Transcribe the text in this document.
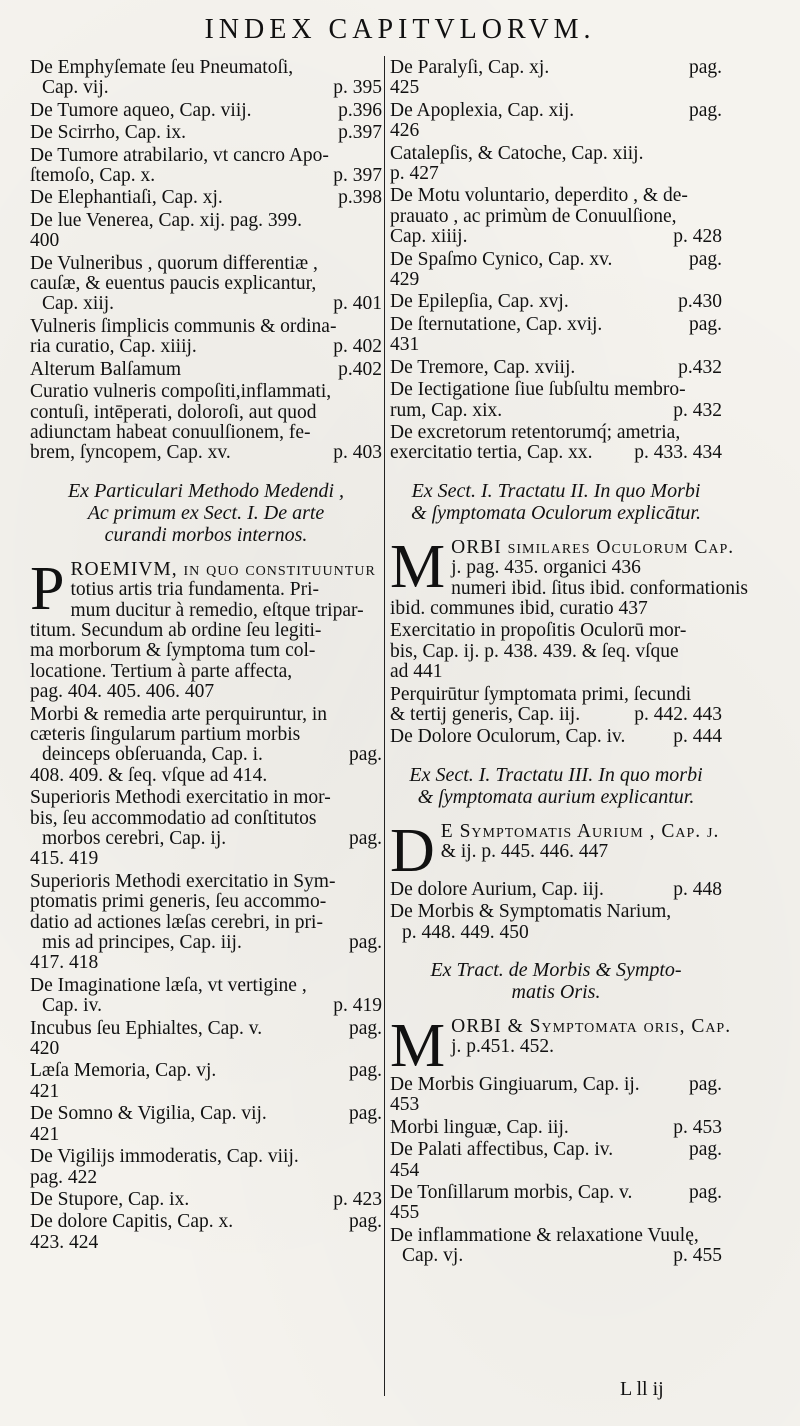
INDEX CAPITVLORVM.
De Emphyſemate ſeu Pneumatoſi,
Cap. vij.	p. 395
De Tumore aqueo, Cap. viij.	p.396
De Scirrho, Cap. ix.	p.397
De Tumore atrabilario, vt cancro Apo-
ſtemoſo, Cap. x.	p. 397
De Elephantiaſi, Cap. xj.	p.398
De lue Venerea, Cap. xij. pag. 399.
400
De Vulneribus , quorum differentiæ ,
cauſæ, & euentus paucis explicantur,
Cap. xiij.	p. 401
Vulneris ſimplicis communis & ordina-
ria curatio, Cap. xiiij.	p. 402
Alterum Balſamum	p.402
Curatio vulneris compoſiti,inflammati,
contuſi, intēperati, doloroſi, aut quod
adiunctam habeat conuulſionem, fe-
brem, ſyncopem, Cap. xv.	p. 403
Ex Particulari Methodo Medendi ,
Ac primum ex Sect. I. De arte
curandi morbos internos.
P ROEMIVM, in quo conſtituuntur
totius artis tria fundamenta. Pri-
mum ducitur à remedio, eſtque tripar-
titum. Secundum ab ordine ſeu legiti-
ma morborum & ſymptoma tum col-
locatione. Tertium à parte affecta,
pag. 404. 405. 406. 407
Morbi & remedia arte perquiruntur, in
cæteris ſingularum partium morbis
deinceps obſeruanda, Cap. i.	pag.
408. 409. & ſeq. vſque ad 414.
Superioris Methodi exercitatio in mor-
bis, ſeu accommodatio ad conſtitutos
morbos cerebri, Cap. ij.	pag.
415. 419
Superioris Methodi exercitatio in Sym-
ptomatis primi generis, ſeu accommo-
datio ad actiones læſas cerebri, in pri-
mis ad principes, Cap. iij.	pag.
417. 418
De Imaginatione læſa, vt vertigine ,
Cap. iv.	p. 419
Incubus ſeu Ephialtes, Cap. v.	pag.
420
Læſa Memoria, Cap. vj.	pag.
421
De Somno & Vigilia, Cap. vij.	pag.
421
De Vigilijs immoderatis, Cap. viij.
pag. 422
De Stupore, Cap. ix.	p. 423
De dolore Capitis, Cap. x.	pag.
423. 424
De Paralyſi, Cap. xj.	pag.
425
De Apoplexia, Cap. xij.	pag.
426
Catalepſis, & Catoche, Cap. xiij.
p. 427
De Motu voluntario, deperdito , & de-
prauato , ac primùm de Conuulſione,
Cap. xiiij.	p. 428
De Spaſmo Cynico, Cap. xv.	pag.
429
De Epilepſia, Cap. xvj.	p.430
De ſternutatione, Cap. xvij.	pag.
431
De Tremore, Cap. xviij.	p.432
De Iectigatione ſiue ſubſultu membro-
rum, Cap. xix.	p. 432
De excretorum retentorumq́; ametria,
exercitatio tertia, Cap. xx. p. 433. 434
Ex Sect. I. Tractatu II. In quo Morbi
& ſymptomata Oculorum explicātur.
M ORBI ſimilares Oculorum Cap.
j. pag. 435. organici 436
numeri ibid. ſitus ibid. conformationis
ibid. communes ibid, curatio 437
Exercitatio in propoſitis Oculorū mor-
bis, Cap. ij. p. 438. 439. & ſeq. vſque
ad 441
Perquirūtur ſymptomata primi, ſecundi
& tertij generis, Cap. iij.	p. 442. 443
De Dolore Oculorum, Cap. iv. p. 444
Ex Sect. I. Tractatu III. In quo morbi
& ſymptomata aurium explicantur.
D E Symptomatis Aurium , Cap. j.
& ij. p. 445. 446. 447
De dolore Aurium, Cap. iij.	p. 448
De Morbis & Symptomatis Narium,
p. 448. 449. 450
Ex Tract. de Morbis & Sympto-
matis Oris.
M ORBI & Symptomata oris, Cap.
j. p.451. 452.
De Morbis Gingiuarum, Cap. ij.	pag.
453
Morbi linguæ, Cap. iij.	p. 453
De Palati affectibus, Cap. iv.	pag.
454
De Tonſillarum morbis, Cap. v.	pag.
455
De inflammatione & relaxatione Vuulę,
Cap. vj.	p. 455
L ll ij
